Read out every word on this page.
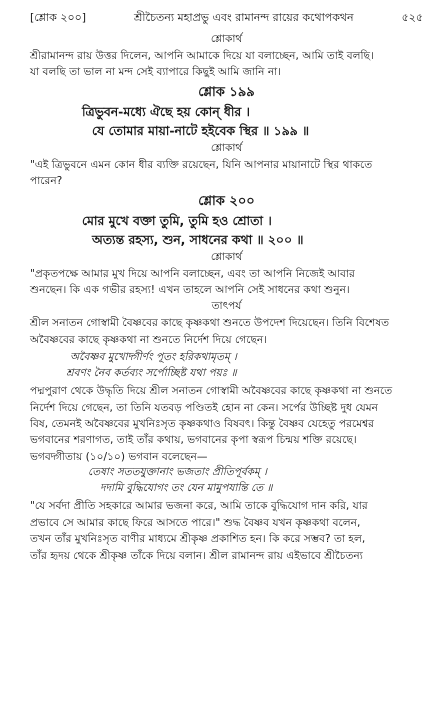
[শ্লোক ২০০]	শ্রীচৈতন্য মহাপ্রভু এবং রামানন্দ রায়ের কথোপকথন	৫২৫
শ্লোকার্থ

শ্রীরামানন্দ রায় উত্তর দিলেন, আপনি আমাকে দিয়ে যা বলাচ্ছেন, আমি তাই বলছি।

যা বলছি তা ভাল না মন্দ সেই ব্যাপারে কিছুই আমি জানি না।

শ্লোক ১৯৯

ত্রিভুবন-মধ্যে ঐছে হয় কোন্ ধীর ।

যে তোমার মায়া-নাটে হইবেক স্থির ॥ ১৯৯ ॥

শ্লোকার্থ

"এই ত্রিভুবনে এমন কোন ধীর ব্যক্তি রয়েছেন, যিনি আপনার মায়ানাটে স্থির থাকতে

পারেন?

শ্লোক ২০০

মোর মুখে বক্তা তুমি, তুমি হও শ্রোতা ।

অত্যন্ত রহস্য, শুন, সাধনের কথা ॥ ২০০ ॥

শ্লোকার্থ

"প্রকৃতপক্ষে আমার মুখ দিয়ে আপনি বলাচ্ছেন, এবং তা আপনি নিজেই আবার

শুনছেন। কি এক গভীর রহস্য! এখন তাহলে আপনি সেই সাধনের কথা শুনুন।

তাৎপর্য

শ্রীল সনাতন গোস্বামী বৈষ্ণবের কাছে কৃষ্ণকথা শুনতে উপদেশ দিয়েছেন। তিনি বিশেষত

অবৈষ্ণবের কাছে কৃষ্ণকথা না শুনতে নির্দেশ দিয়ে গেছেন।

অবৈষ্ণব মুখোদ্গীর্ণং পূতং হরিকথামৃতম্ ।

শ্রবণং নৈব কর্তব্যং সর্পোচ্ছিষ্ট যথা পয়ঃ ॥

পদ্মপুরাণ থেকে উদ্ধৃতি দিয়ে শ্রীল সনাতন গোস্বামী অবৈষ্ণবের কাছে কৃষ্ণকথা না শুনতে

নির্দেশ দিয়ে গেছেন, তা তিনি যতবড় পণ্ডিতই হোন না কেন। সর্পের উচ্ছিষ্ট দুধ যেমন

বিষ, তেমনই অবৈষ্ণবের মুখনিঃসৃত কৃষ্ণকথাও বিষবৎ। কিন্তু বৈষ্ণব যেহেতু পরমেশ্বর

ভগবানের শরণাগত, তাই তাঁর কথায়, ভগবানের কৃপা স্বরূপ চিন্ময় শক্তি রয়েছে।

ভগবদ্গীতায় (১০/১০) ভগবান বলেছেন—

তেষাং সততযুক্তানাং ভজতাং প্রীতিপূর্বকম্ ।

দদামি বুদ্ধিযোগং তং যেন মামুপযান্তি তে ॥

"যে সর্বদা প্রীতি সহকারে আমার ভজনা করে, আমি তাকে বুদ্ধিযোগ দান করি, যার

প্রভাবে সে আমার কাছে ফিরে আসতে পারে।" শুদ্ধ বৈষ্ণব যখন কৃষ্ণকথা বলেন,

তখন তাঁর মুখনিঃসৃত বাণীর মাধ্যমে শ্রীকৃষ্ণ প্রকাশিত হন। কি করে সম্ভব? তা হল,

তাঁর হৃদয় থেকে শ্রীকৃষ্ণ তাঁকে দিয়ে বলান। শ্রীল রামানন্দ রায় এইভাবে শ্রীচৈতন্য
